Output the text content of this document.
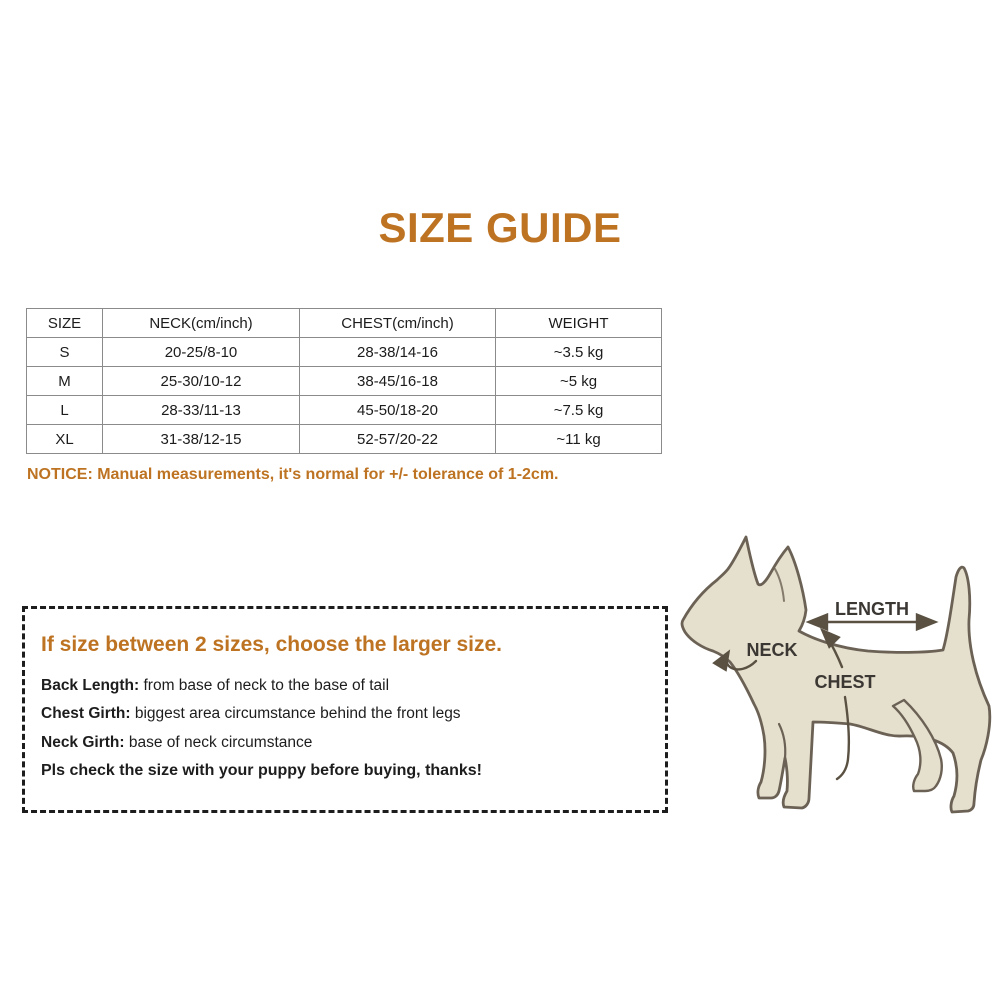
SIZE GUIDE
SIZE	NECK(cm/inch)	CHEST(cm/inch)	WEIGHT
S	20-25/8-10	28-38/14-16	~3.5 kg
M	25-30/10-12	38-45/16-18	~5 kg
L	28-33/11-13	45-50/18-20	~7.5 kg
XL	31-38/12-15	52-57/20-22	~11 kg
NOTICE: Manual measurements, it's normal for +/- tolerance of 1-2cm.
If size between 2 sizes, choose the larger size.
Back Length: from base of neck to the base of tail
Chest Girth: biggest area circumstance behind the front legs
Neck Girth: base of neck circumstance
Pls check the size with your puppy before buying, thanks!
LENGTH
NECK
CHEST
